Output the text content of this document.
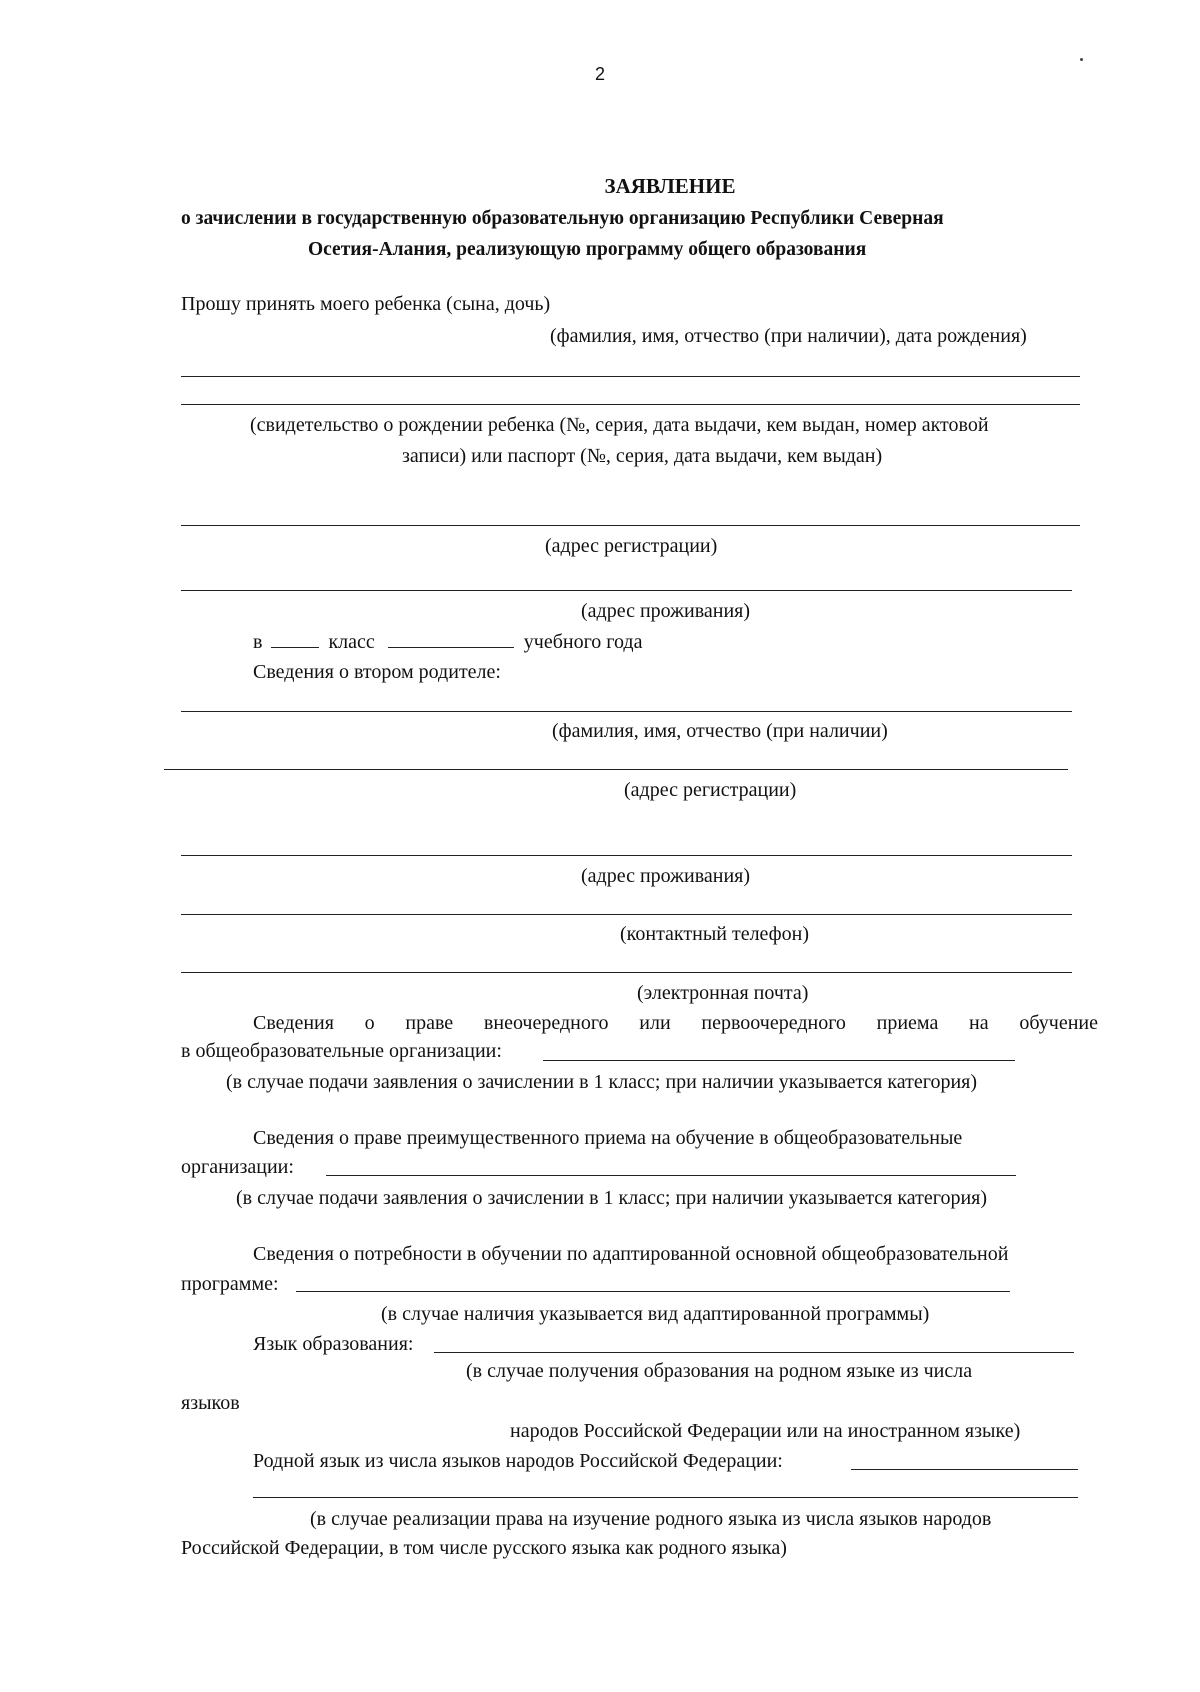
2
ЗАЯВЛЕНИЕ
о зачислении в государственную образовательную организацию Республики Северная
Осетия-Алания, реализующую программу общего образования
Прошу принять моего ребенка (сына, дочь)
(фамилия, имя, отчество (при наличии), дата рождения)
(свидетельство о рождении ребенка (№, серия, дата выдачи, кем выдан, номер актовой
записи) или паспорт (№, серия, дата выдачи, кем выдан)
(адрес регистрации)
(адрес проживания)
в	класс	учебного года
Сведения о втором родителе:
(фамилия, имя, отчество (при наличии)
(адрес регистрации)
(адрес проживания)
(контактный телефон)
(электронная почта)
Сведения о праве внеочередного или первоочередного приема на обучение
в общеобразовательные организации:
(в случае подачи заявления о зачислении в 1 класс; при наличии указывается категория)
Сведения о праве преимущественного приема на обучение в общеобразовательные
организации:
(в случае подачи заявления о зачислении в 1 класс; при наличии указывается категория)
Сведения о потребности в обучении по адаптированной основной общеобразовательной
программе:
(в случае наличия указывается вид адаптированной программы)
Язык образования:
(в случае получения образования на родном языке из числа
языков
народов Российской Федерации или на иностранном языке)
Родной язык из числа языков народов Российской Федерации:
(в случае реализации права на изучение родного языка из числа языков народов
Российской Федерации, в том числе русского языка как родного языка)
